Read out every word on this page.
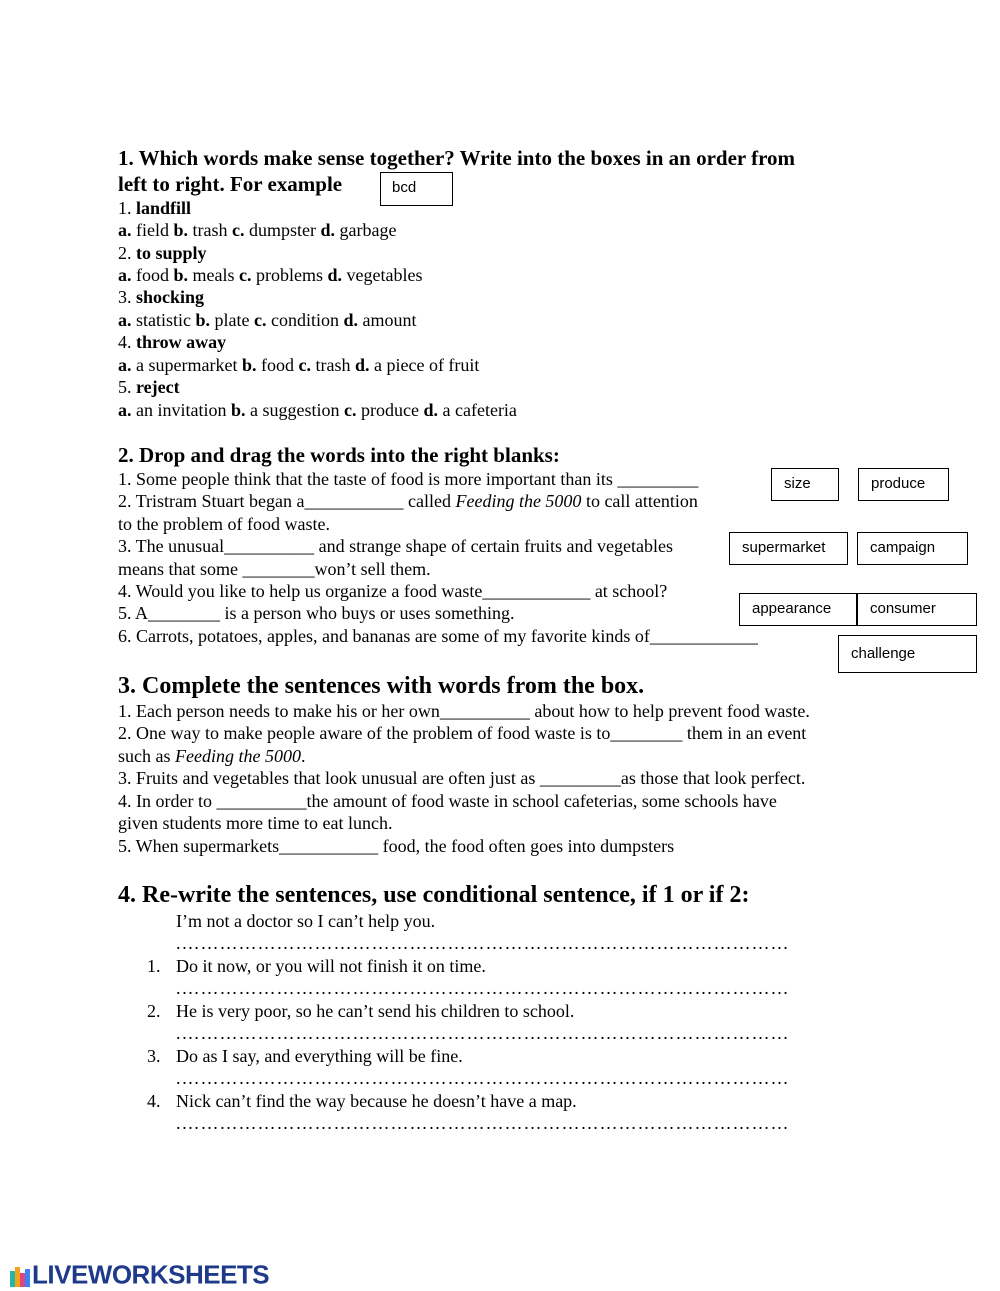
1. Which words make sense together? Write into the boxes in an order from
left to right. For example	bcd
1. landfill
a. field b. trash c. dumpster d. garbage
2. to supply
a. food b. meals c. problems d. vegetables
3. shocking
a. statistic b. plate c. condition d. amount
4. throw away
a. a supermarket b. food c. trash d. a piece of fruit
5. reject
a. an invitation b. a suggestion c. produce d. a cafeteria
2. Drop and drag the words into the right blanks:
1. Some people think that the taste of food is more important than its _________
2. Tristram Stuart began a___________ called Feeding the 5000 to call attention
to the problem of food waste.
3. The unusual__________ and strange shape of certain fruits and vegetables
means that some ________won’t sell them.
4. Would you like to help us organize a food waste____________ at school?
5. A________ is a person who buys or uses something.
6. Carrots, potatoes, apples, and bananas are some of my favorite kinds of____________
size	produce
supermarket	campaign
appearance	consumer
challenge
3. Complete the sentences with words from the box.
1. Each person needs to make his or her own__________ about how to help prevent food waste.
2. One way to make people aware of the problem of food waste is to________ them in an event
such as Feeding the 5000.
3. Fruits and vegetables that look unusual are often just as _________as those that look perfect.
4. In order to __________the amount of food waste in school cafeterias, some schools have
given students more time to eat lunch.
5. When supermarkets___________ food, the food often goes into dumpsters
4. Re-write the sentences, use conditional sentence, if 1 or if 2:
I’m not a doctor so I can’t help you.
.……………………………………………………………………………………
1. Do it now, or you will not finish it on time.
.……………………………………………………………………………………
2. He is very poor, so he can’t send his children to school.
.……………………………………………………………………………………
3. Do as I say, and everything will be fine.
.……………………………………………………………………………………
4. Nick can’t find the way because he doesn’t have a map.
.……………………………………………………………………………………
LIVEWORKSHEETS
